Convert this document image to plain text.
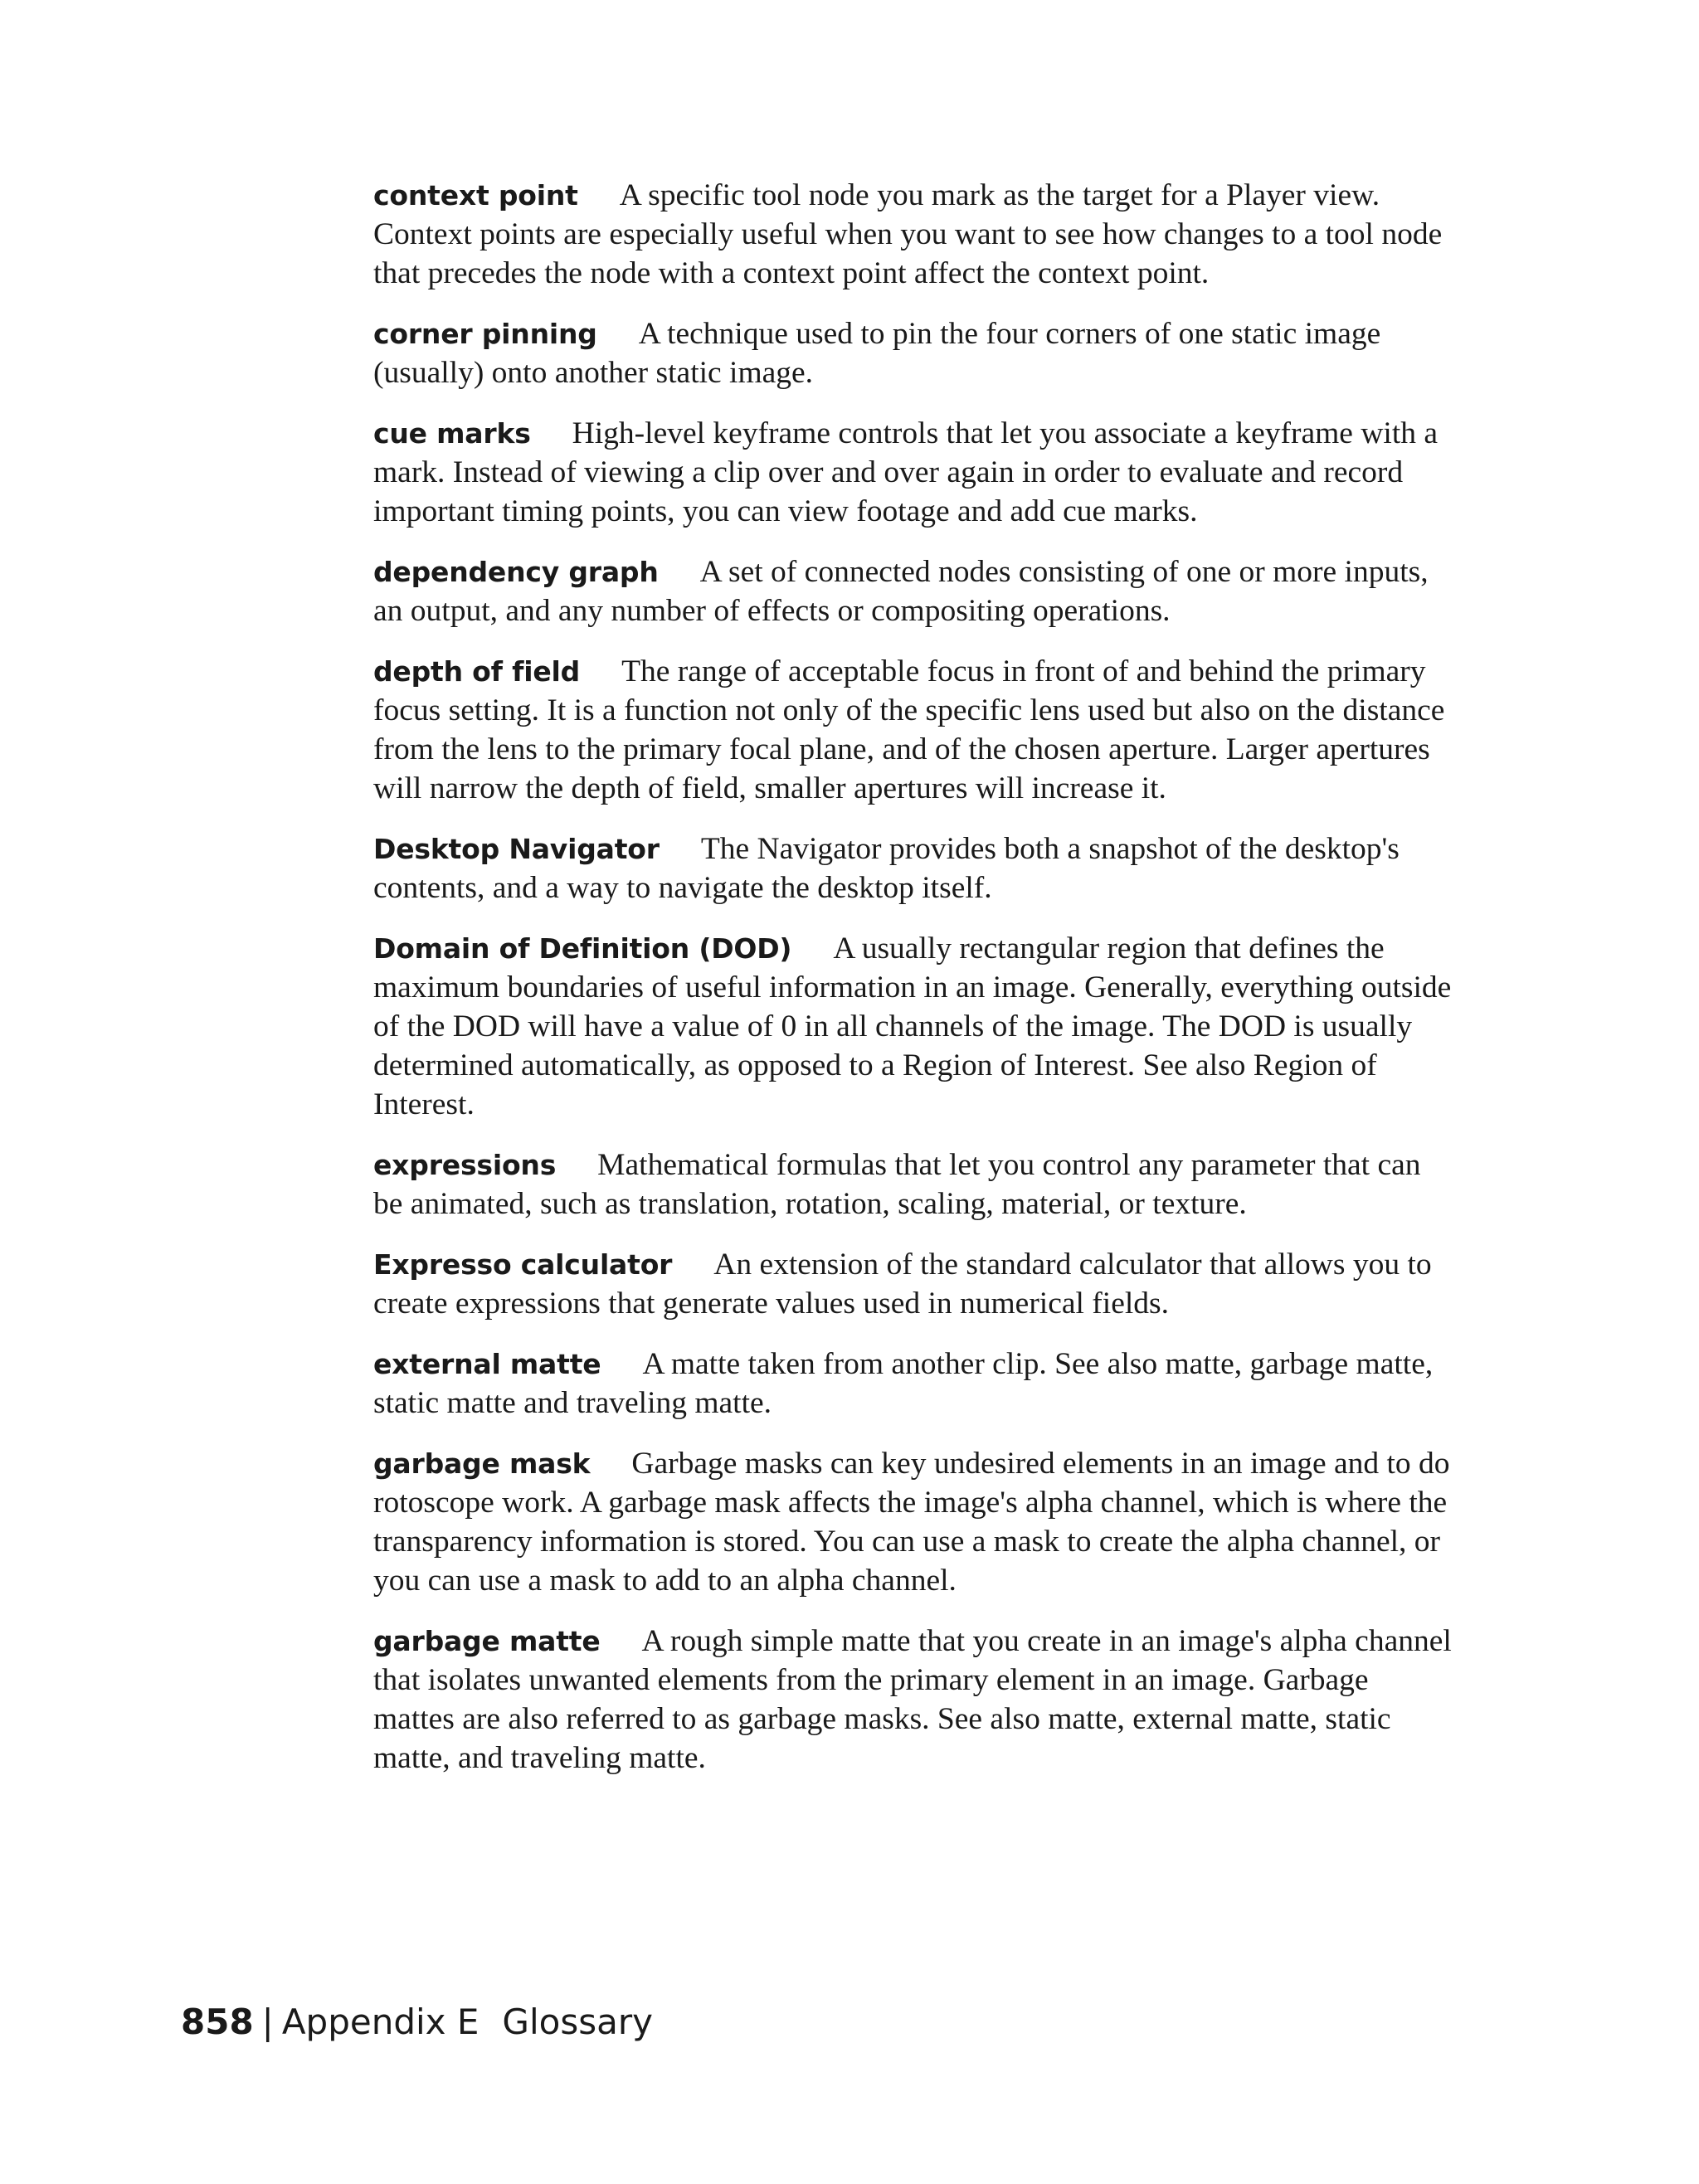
context point A specific tool node you mark as the target for a Player view. Context points are especially useful when you want to see how changes to a tool node that precedes the node with a context point affect the context point.

corner pinning A technique used to pin the four corners of one static image (usually) onto another static image.

cue marks High-level keyframe controls that let you associate a keyframe with a mark. Instead of viewing a clip over and over again in order to evaluate and record important timing points, you can view footage and add cue marks.

dependency graph A set of connected nodes consisting of one or more inputs, an output, and any number of effects or compositing operations.

depth of field The range of acceptable focus in front of and behind the primary focus setting. It is a function not only of the specific lens used but also on the distance from the lens to the primary focal plane, and of the chosen aperture. Larger apertures will narrow the depth of field, smaller apertures will increase it.

Desktop Navigator The Navigator provides both a snapshot of the desktop's contents, and a way to navigate the desktop itself.

Domain of Definition (DOD) A usually rectangular region that defines the maximum boundaries of useful information in an image. Generally, everything outside of the DOD will have a value of 0 in all channels of the image. The DOD is usually determined automatically, as opposed to a Region of Interest. See also Region of Interest.

expressions Mathematical formulas that let you control any parameter that can be animated, such as translation, rotation, scaling, material, or texture.

Expresso calculator An extension of the standard calculator that allows you to create expressions that generate values used in numerical fields.

external matte A matte taken from another clip. See also matte, garbage matte, static matte and traveling matte.

garbage mask Garbage masks can key undesired elements in an image and to do rotoscope work. A garbage mask affects the image's alpha channel, which is where the transparency information is stored. You can use a mask to create the alpha channel, or you can use a mask to add to an alpha channel.

garbage matte A rough simple matte that you create in an image's alpha channel that isolates unwanted elements from the primary element in an image. Garbage mattes are also referred to as garbage masks. See also matte, external matte, static matte, and traveling matte.

858 | Appendix E Glossary
